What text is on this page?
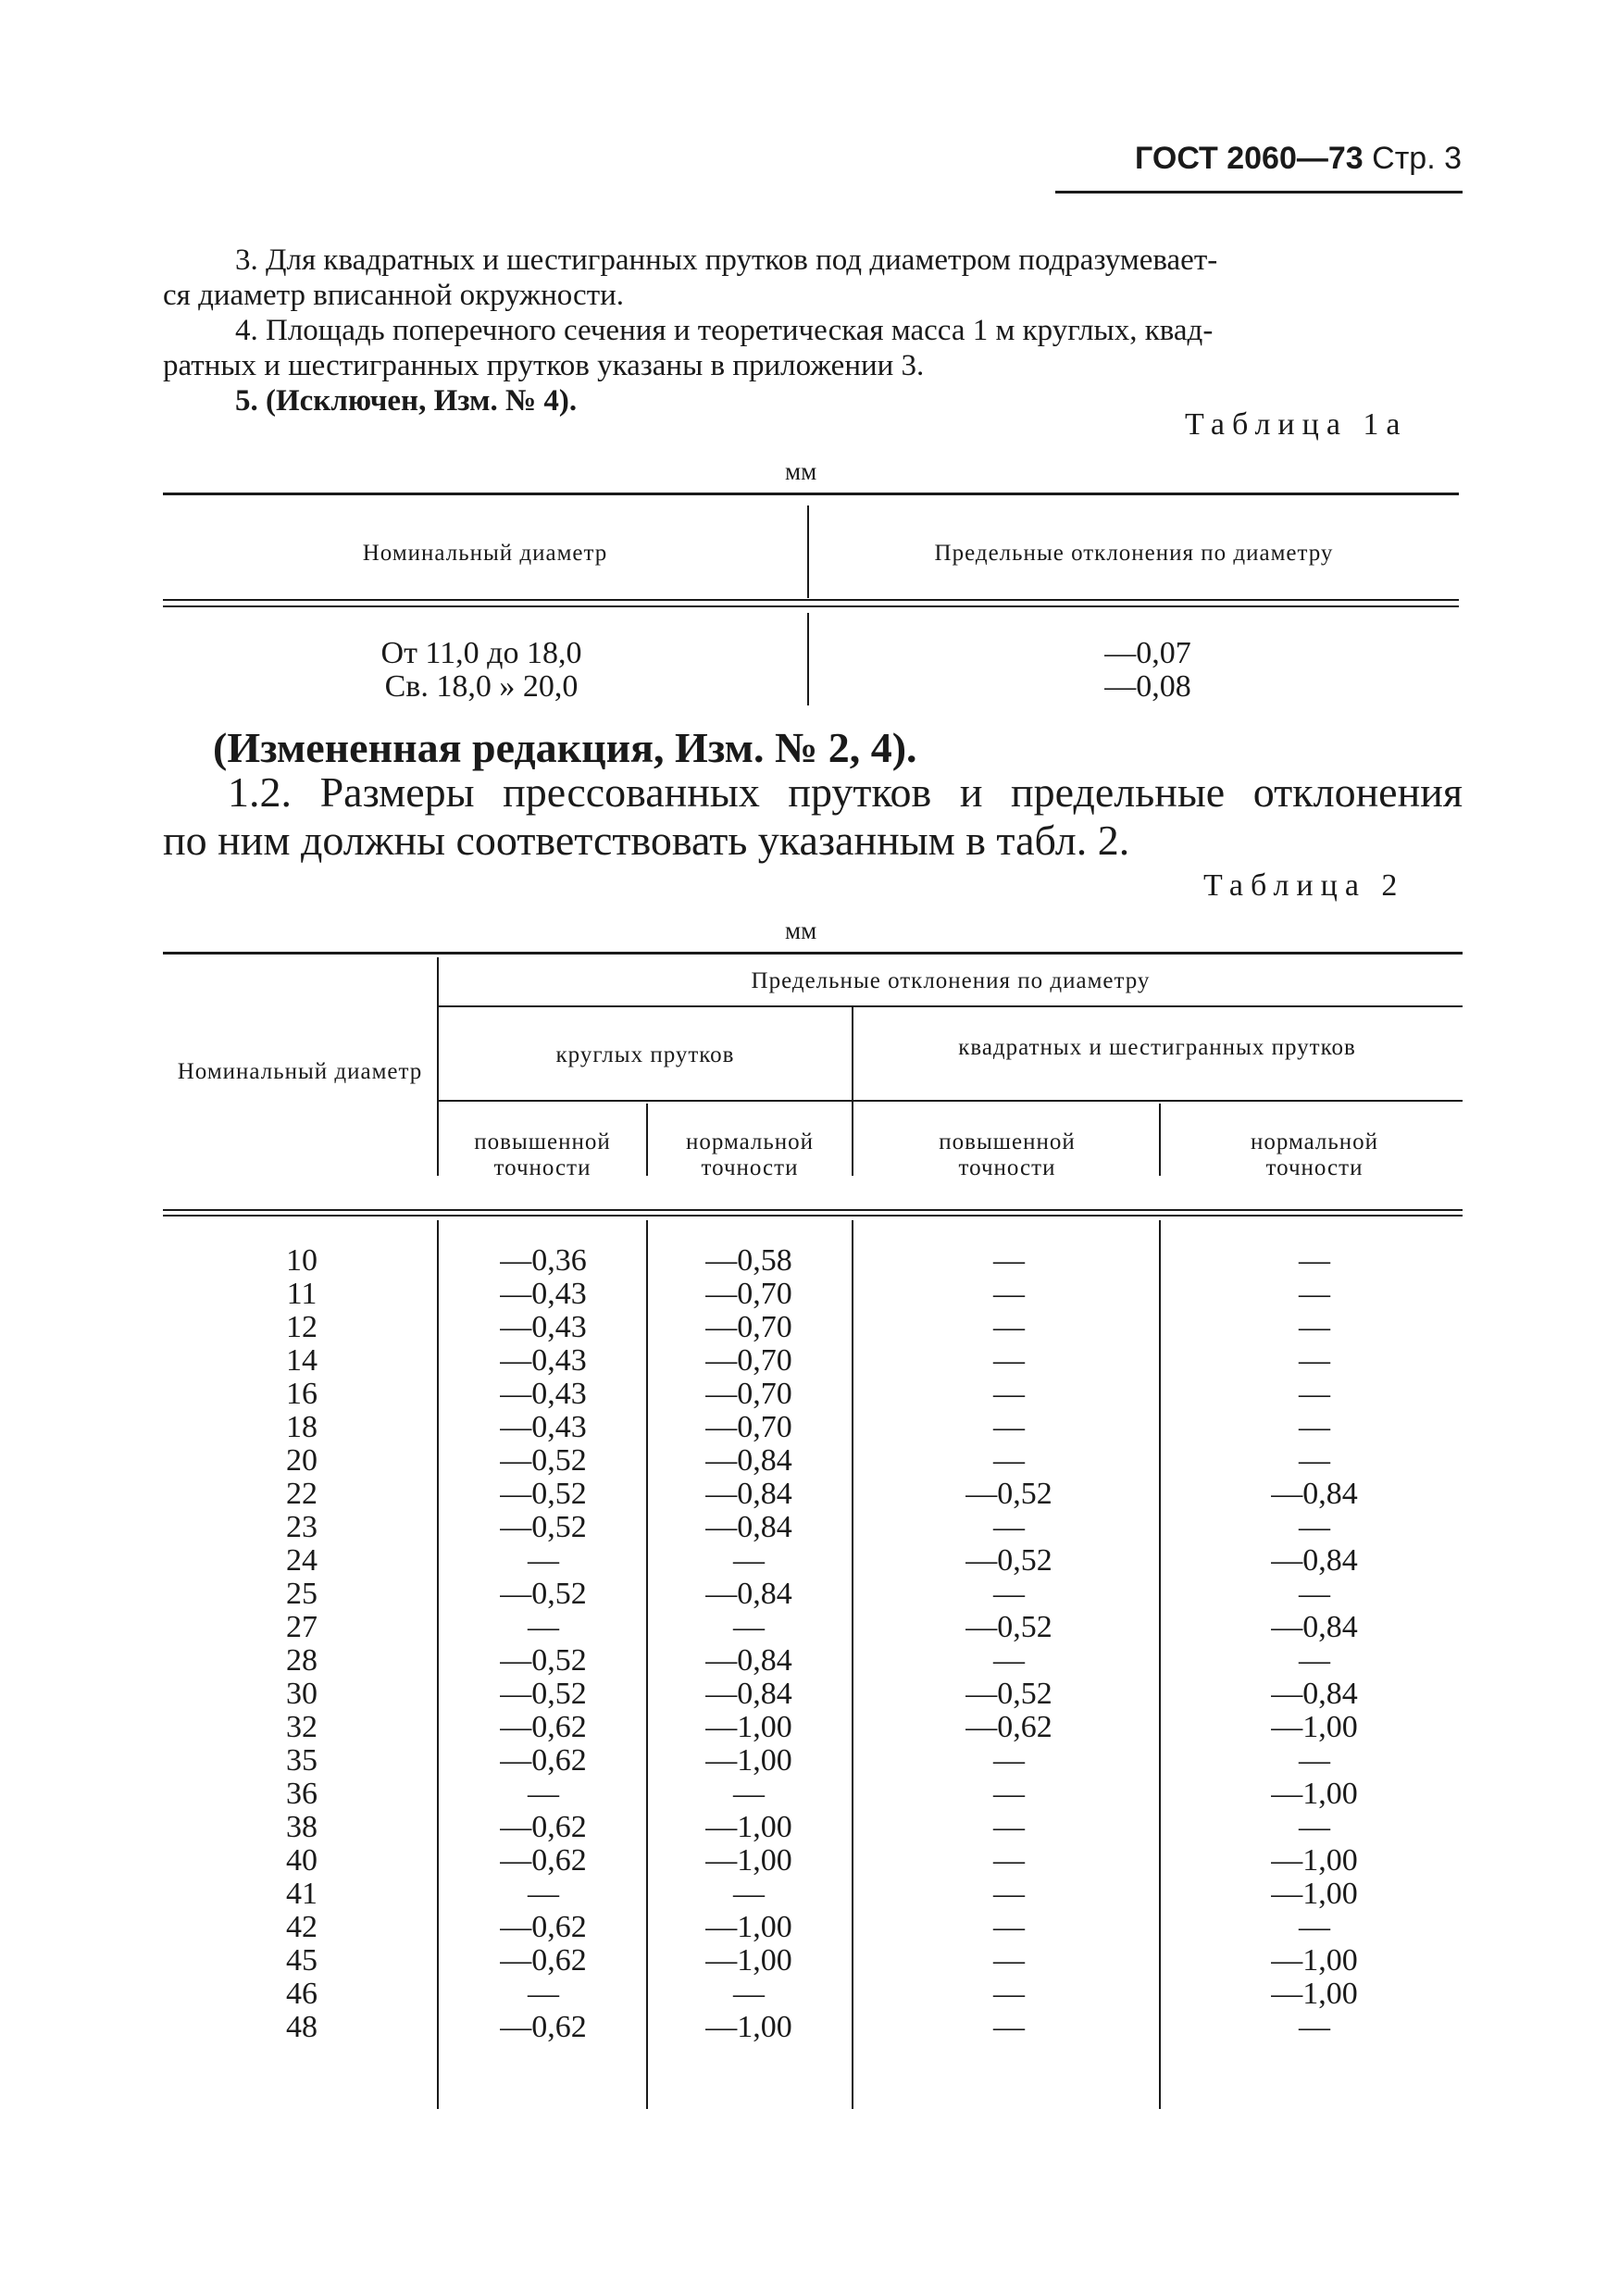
ГОСТ 2060—73 Стр. 3
3. Для квадратных и шестигранных прутков под диаметром подразумевает-
ся диаметр вписанной окружности.
4. Площадь поперечного сечения и теоретическая масса 1 м круглых, квад-
ратных и шестигранных прутков указаны в приложении 3.
5. (Исключен, Изм. № 4).
Таблица 1а
мм
Номинальный диаметр	Предельные отклонения по диаметру
От 11,0 до 18,0
Св. 18,0 » 20,0
—0,07
—0,08
(Измененная редакция, Изм. № 2, 4).
1.2. Размеры прессованных прутков и предельные отклонения
по ним должны соответствовать указанным в табл. 2.
Таблица 2
мм
Номинальный диаметр
Предельные отклонения по диаметру
круглых прутков	квадратных и шестигранных прутков
повышенной точности
нормальной точности
повышенной точности
нормальной точности
10
11
12
14
16
18
20
22
23
24
25
27
28
30
32
35
36
38
40
41
42
45
46
48
—0,36
—0,43
—0,43
—0,43
—0,43
—0,43
—0,52
—0,52
—0,52
—
—0,52
—
—0,52
—0,52
—0,62
—0,62
—
—0,62
—0,62
—
—0,62
—0,62
—
—0,62
—0,58
—0,70
—0,70
—0,70
—0,70
—0,70
—0,84
—0,84
—0,84
—
—0,84
—
—0,84
—0,84
—1,00
—1,00
—
—1,00
—1,00
—
—1,00
—1,00
—
—1,00
—
—
—
—
—
—
—
—0,52
—
—0,52
—
—0,52
—
—0,52
—0,62
—
—
—
—
—
—
—
—
—
—
—
—
—
—
—
—
—0,84
—
—0,84
—
—0,84
—
—0,84
—1,00
—
—1,00
—
—1,00
—1,00
—
—1,00
—1,00
—
